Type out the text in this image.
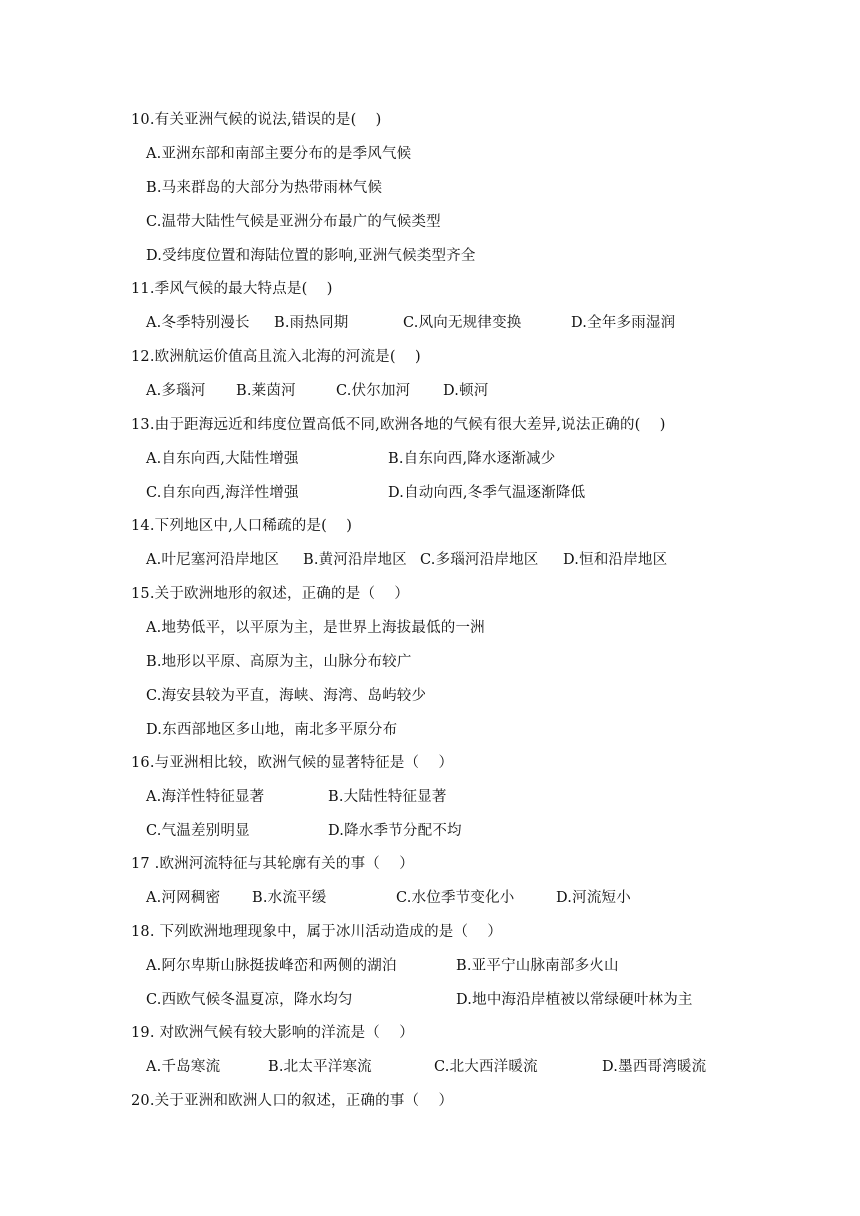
10.有关亚洲气候的说法,错误的是(    )
A.亚洲东部和南部主要分布的是季风气候
B.马来群岛的大部分为热带雨林气候
C.温带大陆性气候是亚洲分布最广的气候类型
D.受纬度位置和海陆位置的影响,亚洲气候类型齐全
11.季风气候的最大特点是(    )

A.冬季特别漫长

B.雨热同期

	C.风向无规律变换

	D.全年多雨湿润

12.欧洲航运价值高且流入北海的河流是(    )

A.多瑙河

B.莱茵河

	C.伏尔加河

D.顿河

13.由于距海远近和纬度位置高低不同,欧洲各地的气候有很大差异,说法正确的(    )

A.自东向西,大陆性增强

	B.自东向西,降水逐渐减少

C.自东向西,海洋性增强

	D.自动向西,冬季气温逐渐降低

14.下列地区中,人口稀疏的是(    )

A.叶尼塞河沿岸地区

B.黄河沿岸地区

C.多瑙河沿岸地区

D.恒和沿岸地区

15.关于欧洲地形的叙述，正确的是（    ）
A.地势低平，以平原为主，是世界上海拔最低的一洲
B.地形以平原、高原为主，山脉分布较广
C.海安县较为平直，海峡、海湾、岛屿较少
D.东西部地区多山地，南北多平原分布
16.与亚洲相比较，欧洲气候的显著特征是（    ）

A.海洋性特征显著

	B.大陆性特征显著

C.气温差别明显

	D.降水季节分配不均

17 .欧洲河流特征与其轮廓有关的事（    ）

A.河网稠密

B.水流平缓

	C.水位季节变化小

	D.河流短小

18. 下列欧洲地理现象中，属于冰川活动造成的是（    ）

A.阿尔卑斯山脉挺拔峰峦和两侧的湖泊

	B.亚平宁山脉南部多火山

C.西欧气候冬温夏凉，降水均匀

	D.地中海沿岸植被以常绿硬叶林为主

19. 对欧洲气候有较大影响的洋流是（    ）

A.千岛寒流

	B.北太平洋寒流

	C.北大西洋暖流

	D.墨西哥湾暖流

20.关于亚洲和欧洲人口的叙述，正确的事（    ）
